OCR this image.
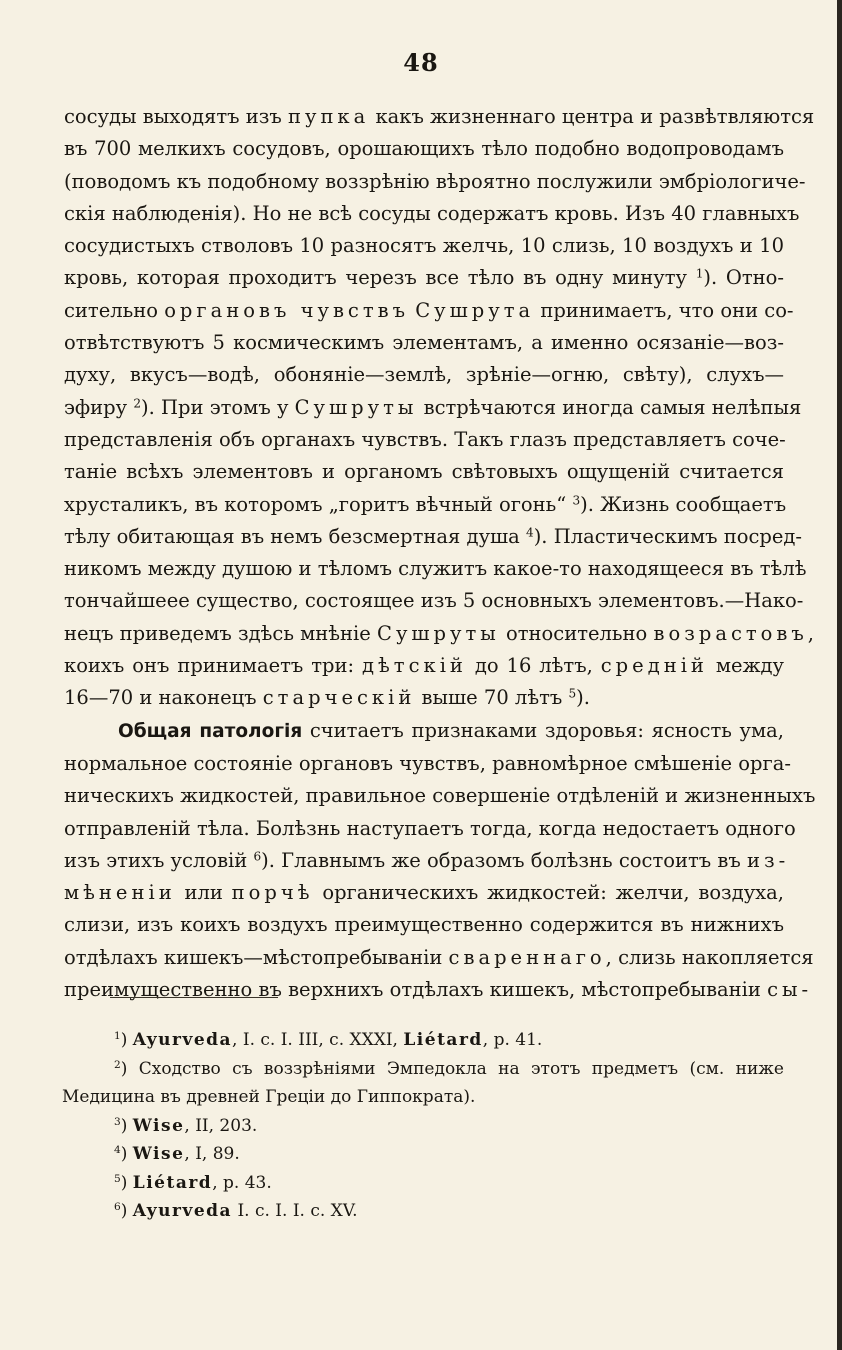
48
сосуды выходятъ изъ пупка какъ жизненнаго центра и развѣтвляются
въ 700 мелкихъ сосудовъ, орошающихъ тѣло подобно водопроводамъ
(поводомъ къ подобному воззрѣнію вѣроятно послужили эмбріологиче-
скія наблюденія). Но не всѣ сосуды содержатъ кровь. Изъ 40 главныхъ
сосудистыхъ стволовъ 10 разносятъ желчь, 10 слизь, 10 воздухъ и 10
кровь, которая проходитъ черезъ все тѣло въ одну минуту $^1$). Отно-
сительно органовъ чувствъ Сушрута принимаетъ, что они со-
отвѣтствуютъ 5 космическимъ элементамъ, а именно осязаніе—воз-
духу, вкусъ—водѣ, обоняніе—землѣ, зрѣніе—огню, свѣту), слухъ—
эфиру $^2$). При этомъ у Сушруты встрѣчаются иногда самыя нелѣпыя
представленія объ органахъ чувствъ. Такъ глазъ представляетъ соче-
таніе всѣхъ элементовъ и органомъ свѣтовыхъ ощущеній считается
хрусталикъ, въ которомъ „горитъ вѣчный огонь“ $^3$). Жизнь сообщаетъ
тѣлу обитающая въ немъ безсмертная душа $^4$). Пластическимъ посред-
никомъ между душою и тѣломъ служитъ какое-то находящееся въ тѣлѣ
тончайшеее существо, состоящее изъ 5 основныхъ элементовъ.—Нако-
нецъ приведемъ здѣсь мнѣніе Сушруты относительно возрастовъ,
коихъ онъ принимаетъ три: дѣтскій до 16 лѣтъ, средній между
16—70 и наконецъ старческій выше 70 лѣтъ $^5$).
Общая патологія считаетъ признаками здоровья: ясность ума,
нормальное состояніе органовъ чувствъ, равномѣрное смѣшеніе орга-
ническихъ жидкостей, правильное совершеніе отдѣленій и жизненныхъ
отправленій тѣла. Болѣзнь наступаетъ тогда, когда недостаетъ одного
изъ этихъ условій $^6$). Главнымъ же образомъ болѣзнь состоитъ въ из-
мѣненіи или порчѣ органическихъ жидкостей: желчи, воздуха,
слизи, изъ коихъ воздухъ преимущественно содержится въ нижнихъ
отдѣлахъ кишекъ—мѣстопребываніи свареннаго, слизь накопляется
преимущественно въ верхнихъ отдѣлахъ кишекъ, мѣстопребываніи сы-
$^1$) Ayurveda, I. c. I. III, c. XXXI, Liétard, p. 41.
$^2$) Сходство съ воззрѣніями Эмпедокла на этотъ предметъ (см. ниже
Медицина въ древней Греціи до Гиппократа).
$^3$) Wise, II, 203.
$^4$) Wise, I, 89.
$^5$) Liétard, p. 43.
$^6$) Ayurveda I. c. I. I. c. XV.
